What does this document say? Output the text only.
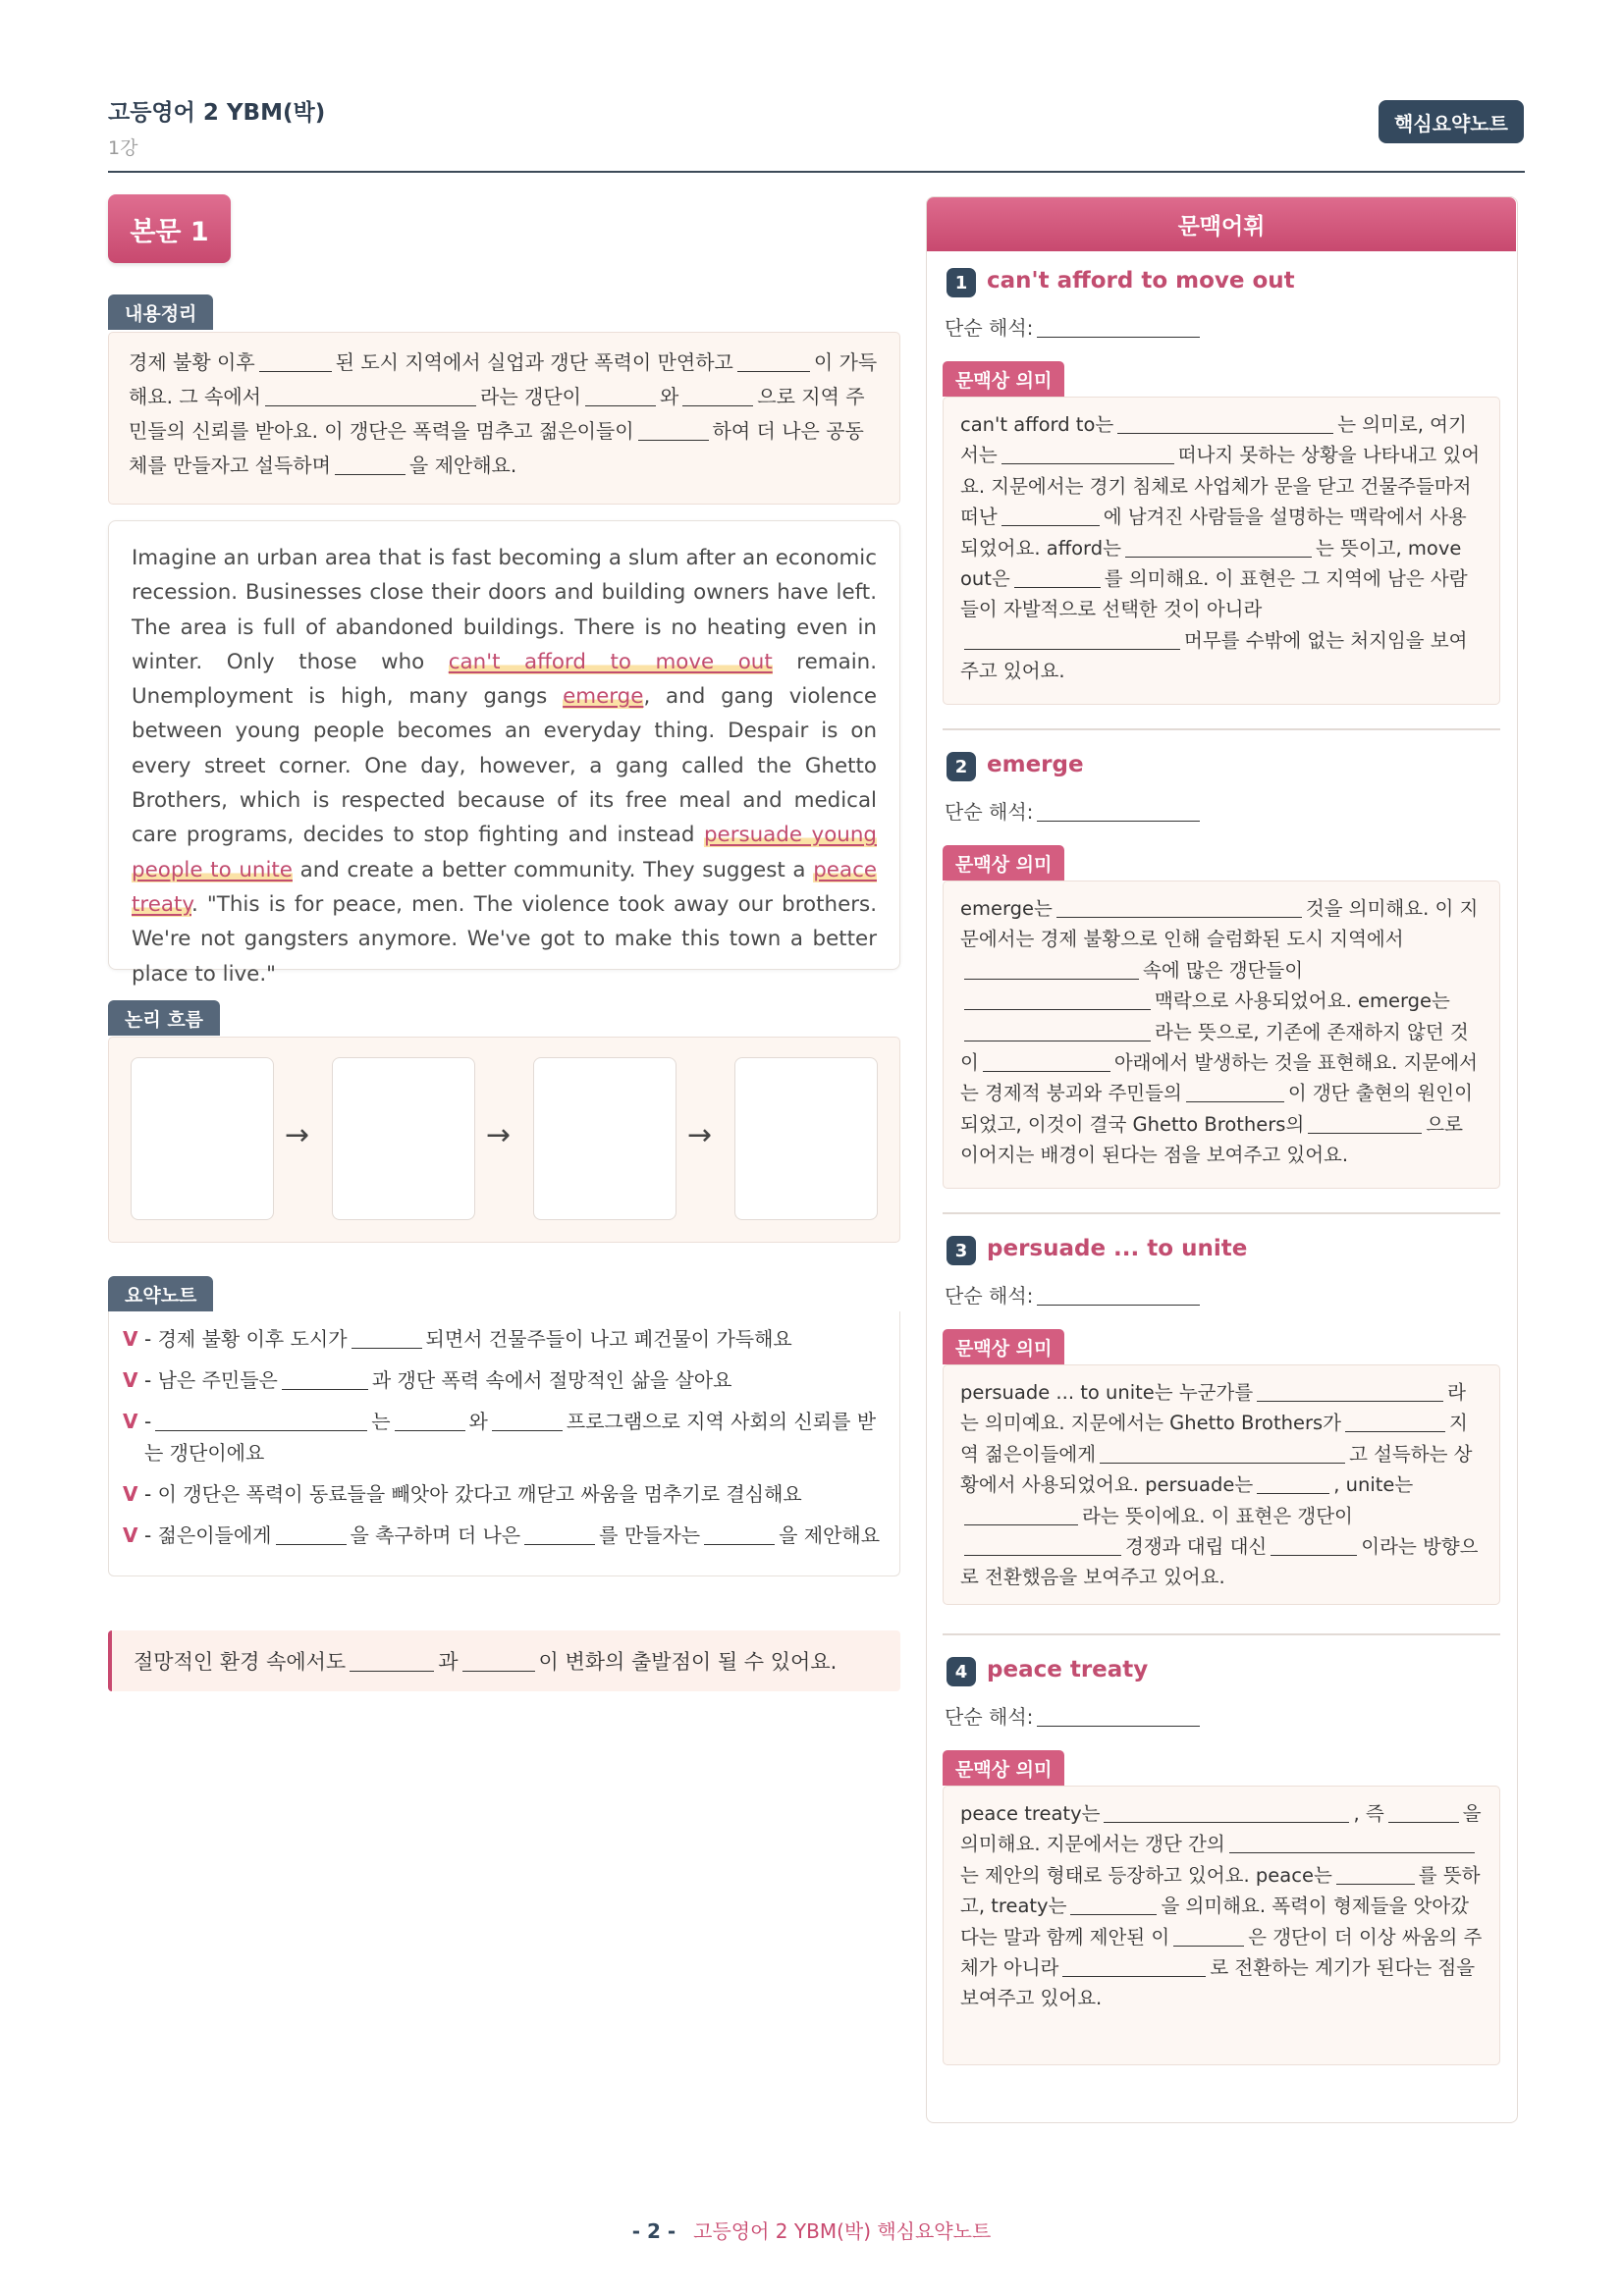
고등영어 2 YBM(박)
1강
핵심요약노트
본문 1
내용정리
경제 불황 이후	된 도시 지역에서 실업과 갱단 폭력이 만연하고	이 가득해요. 그 속에서	라는 갱단이	와	으로 지역 주민들의 신뢰를 받아요. 이 갱단은 폭력을 멈추고 젊은이들이	하여 더 나은 공동체를 만들자고 설득하며	을 제안해요.
Imagine an urban area that is fast becoming a slum after an economic recession. Businesses close their doors and building owners have left. The area is full of abandoned buildings. There is no heating even in winter. Only those who can't afford to move out remain. Unemployment is high, many gangs emerge, and gang violence between young people becomes an everyday thing. Despair is on every street corner. One day, however, a gang called the Ghetto Brothers, which is respected because of its free meal and medical care programs, decides to stop fighting and instead persuade young people to unite and create a better community. They suggest a peace treaty. "This is for peace, men. The violence took away our brothers. We're not gangsters anymore. We've got to make this town a better place to live."
논리 흐름
→	→	→
요약노트
V - 경제 불황 이후 도시가	되면서 건물주들이 나고 폐건물이 가득해요
V - 남은 주민들은	과 갱단 폭력 속에서 절망적인 삶을 살아요
V -	는	와	프로그램으로 지역 사회의 신뢰를 받는 갱단이에요
V - 이 갱단은 폭력이 동료들을 빼앗아 갔다고 깨닫고 싸움을 멈추기로 결심해요
V - 젊은이들에게	을 촉구하며 더 나은	를 만들자는	을 제안해요
절망적인 환경 속에서도	과	이 변화의 출발점이 될 수 있어요.
문맥어휘
1 can't afford to move out
단순 해석:
문맥상 의미
can't afford to는	는 의미로, 여기서는	떠나지 못하는 상황을 나타내고 있어요. 지문에서는 경기 침체로 사업체가 문을 닫고 건물주들마저 떠난	에 남겨진 사람들을 설명하는 맥락에서 사용되었어요. afford는	는 뜻이고, move out은	를 의미해요. 이 표현은 그 지역에 남은 사람들이 자발적으로 선택한 것이 아니라머무를 수밖에 없는 처지임을 보여주고 있어요.
2 emerge
단순 해석:
문맥상 의미
emerge는	것을 의미해요. 이 지문에서는 경제 불황으로 인해 슬럼화된 도시 지역에서속에 많은 갱단들이맥락으로 사용되었어요. emerge는라는 뜻으로, 기존에 존재하지 않던 것이	아래에서 발생하는 것을 표현해요. 지문에서는 경제적 붕괴와 주민들의	이 갱단 출현의 원인이 되었고, 이것이 결국 Ghetto Brothers의	으로 이어지는 배경이 된다는 점을 보여주고 있어요.
3 persuade ... to unite
단순 해석:
문맥상 의미
persuade ... to unite는 누군가를	라는 의미예요. 지문에서는 Ghetto Brothers가	지역 젊은이들에게	고 설득하는 상황에서 사용되었어요. persuade는	, unite는라는 뜻이에요. 이 표현은 갱단이경쟁과 대립 대신	이라는 방향으로 전환했음을 보여주고 있어요.
4 peace treaty
단순 해석:
문맥상 의미
peace treaty는	, 즉	을 의미해요. 지문에서는 갱단 간의는 제안의 형태로 등장하고 있어요. peace는	를 뜻하고, treaty는	을 의미해요. 폭력이 형제들을 앗아갔다는 말과 함께 제안된 이	은 갱단이 더 이상 싸움의 주체가 아니라	로 전환하는 계기가 된다는 점을 보여주고 있어요.
- 2 - 고등영어 2 YBM(박) 핵심요약노트
